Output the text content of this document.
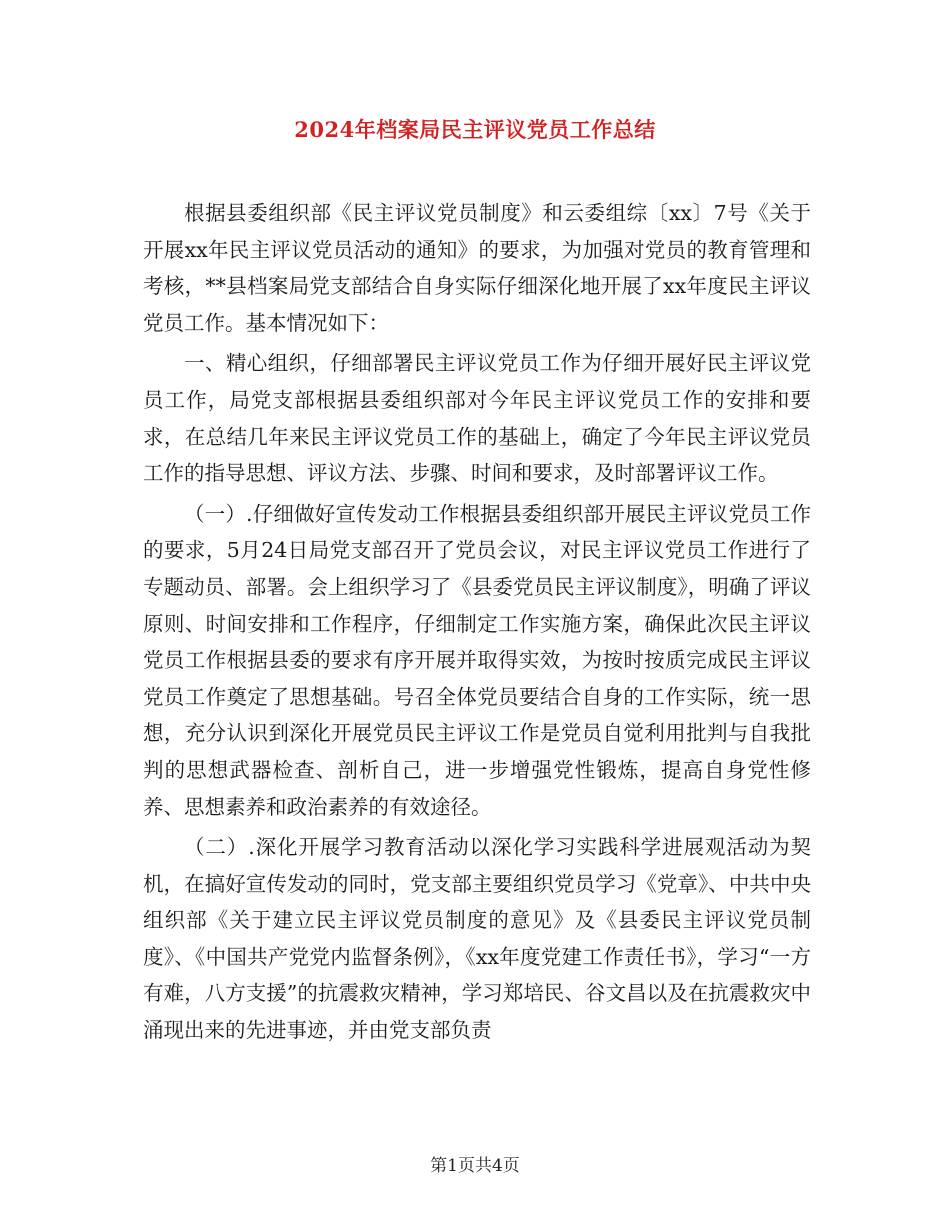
2024年档案局民主评议党员工作总结

根据县委组织部《民主评议党员制度》和云委组综〔xx〕7号《关于开展xx年民主评议党员活动的通知》的要求，为加强对党员的教育管理和考核，**县档案局党支部结合自身实际仔细深化地开展了xx年度民主评议党员工作。基本情况如下：

一、精心组织，仔细部署民主评议党员工作为仔细开展好民主评议党员工作，局党支部根据县委组织部对今年民主评议党员工作的安排和要求，在总结几年来民主评议党员工作的基础上，确定了今年民主评议党员工作的指导思想、评议方法、步骤、时间和要求，及时部署评议工作。

（一）.仔细做好宣传发动工作根据县委组织部开展民主评议党员工作的要求，5月24日局党支部召开了党员会议，对民主评议党员工作进行了专题动员、部署。会上组织学习了《县委党员民主评议制度》，明确了评议原则、时间安排和工作程序，仔细制定工作实施方案，确保此次民主评议党员工作根据县委的要求有序开展并取得实效，为按时按质完成民主评议党员工作奠定了思想基础。号召全体党员要结合自身的工作实际，统一思想，充分认识到深化开展党员民主评议工作是党员自觉利用批判与自我批判的思想武器检查、剖析自己，进一步增强党性锻炼，提高自身党性修养、思想素养和政治素养的有效途径。

（二）.深化开展学习教育活动以深化学习实践科学进展观活动为契机，在搞好宣传发动的同时，党支部主要组织党员学习《党章》、中共中央组织部《关于建立民主评议党员制度的意见》及《县委民主评议党员制度》、《中国共产党党内监督条例》，《xx年度党建工作责任书》，学习“一方有难，八方支援”的抗震救灾精神，学习郑培民、谷文昌以及在抗震救灾中涌现出来的先进事迹，并由党支部负责

第1页共4页
